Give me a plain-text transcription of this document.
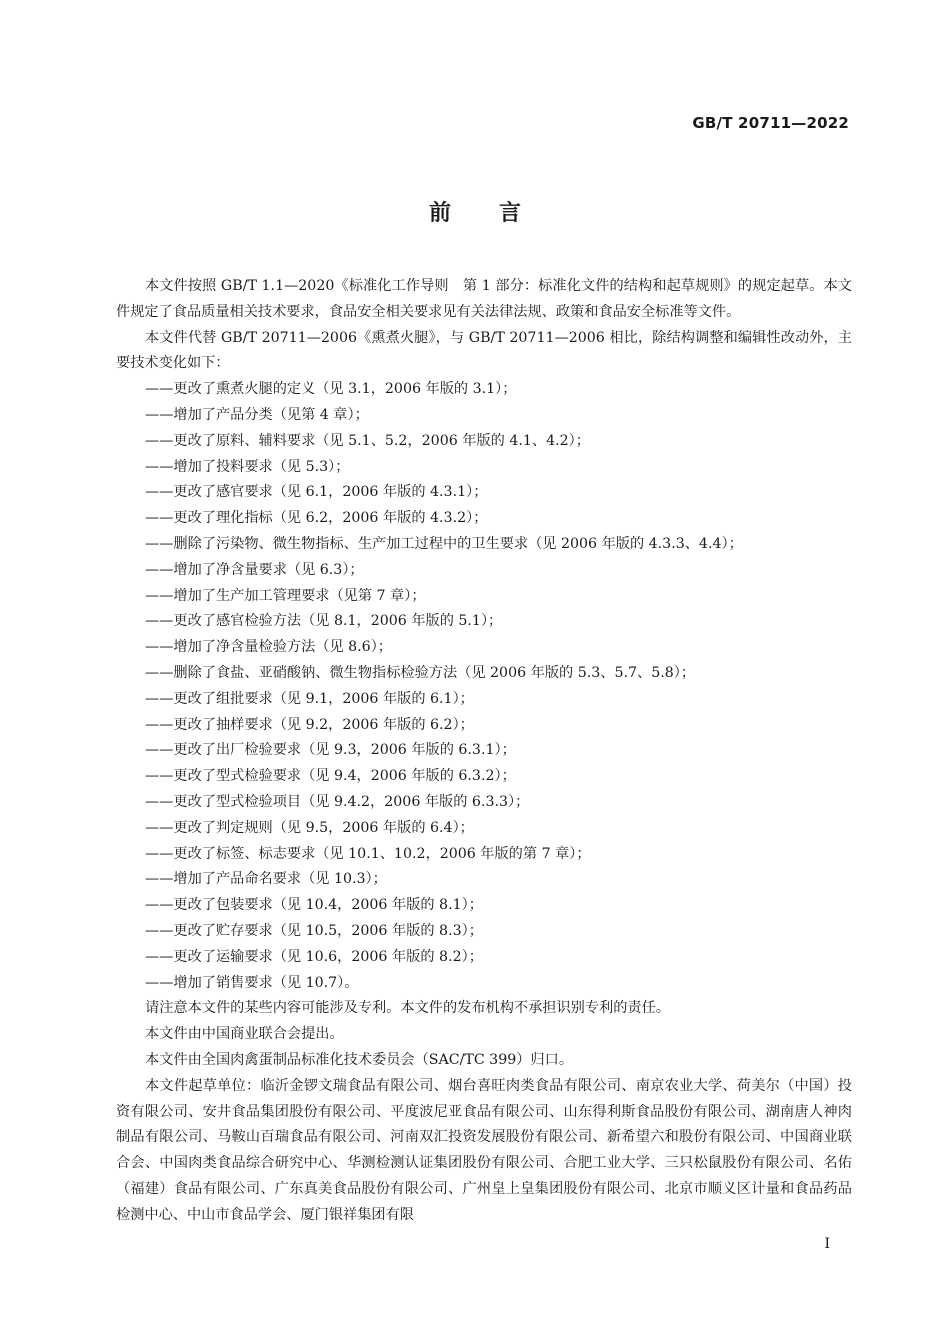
GB/T 20711—2022
前言

本文件按照 GB/T 1.1—2020《标准化工作导则　第 1 部分：标准化文件的结构和起草规则》的规定起草。本文件规定了食品质量相关技术要求，食品安全相关要求见有关法律法规、政策和食品安全标准等文件。

本文件代替 GB/T 20711—2006《熏煮火腿》，与 GB/T 20711—2006 相比，除结构调整和编辑性改动外，主要技术变化如下：

——更改了熏煮火腿的定义（见 3.1，2006 年版的 3.1）；
——增加了产品分类（见第 4 章）；
——更改了原料、辅料要求（见 5.1、5.2，2006 年版的 4.1、4.2）；
——增加了投料要求（见 5.3）；
——更改了感官要求（见 6.1，2006 年版的 4.3.1）；
——更改了理化指标（见 6.2，2006 年版的 4.3.2）；
——删除了污染物、微生物指标、生产加工过程中的卫生要求（见 2006 年版的 4.3.3、4.4）；
——增加了净含量要求（见 6.3）；
——增加了生产加工管理要求（见第 7 章）；
——更改了感官检验方法（见 8.1，2006 年版的 5.1）；
——增加了净含量检验方法（见 8.6）；
——删除了食盐、亚硝酸钠、微生物指标检验方法（见 2006 年版的 5.3、5.7、5.8）；
——更改了组批要求（见 9.1，2006 年版的 6.1）；
——更改了抽样要求（见 9.2，2006 年版的 6.2）；
——更改了出厂检验要求（见 9.3，2006 年版的 6.3.1）；
——更改了型式检验要求（见 9.4，2006 年版的 6.3.2）；
——更改了型式检验项目（见 9.4.2，2006 年版的 6.3.3）；
——更改了判定规则（见 9.5，2006 年版的 6.4）；
——更改了标签、标志要求（见 10.1、10.2，2006 年版的第 7 章）；
——增加了产品命名要求（见 10.3）；
——更改了包装要求（见 10.4，2006 年版的 8.1）；
——更改了贮存要求（见 10.5，2006 年版的 8.3）；
——更改了运输要求（见 10.6，2006 年版的 8.2）；
——增加了销售要求（见 10.7）。

请注意本文件的某些内容可能涉及专利。本文件的发布机构不承担识别专利的责任。

本文件由中国商业联合会提出。

本文件由全国肉禽蛋制品标准化技术委员会（SAC/TC 399）归口。

本文件起草单位：临沂金锣文瑞食品有限公司、烟台喜旺肉类食品有限公司、南京农业大学、荷美尔（中国）投资有限公司、安井食品集团股份有限公司、平度波尼亚食品有限公司、山东得利斯食品股份有限公司、湖南唐人神肉制品有限公司、马鞍山百瑞食品有限公司、河南双汇投资发展股份有限公司、新希望六和股份有限公司、中国商业联合会、中国肉类食品综合研究中心、华测检测认证集团股份有限公司、合肥工业大学、三只松鼠股份有限公司、名佑（福建）食品有限公司、广东真美食品股份有限公司、广州皇上皇集团股份有限公司、北京市顺义区计量和食品药品检测中心、中山市食品学会、厦门银祥集团有限

I
